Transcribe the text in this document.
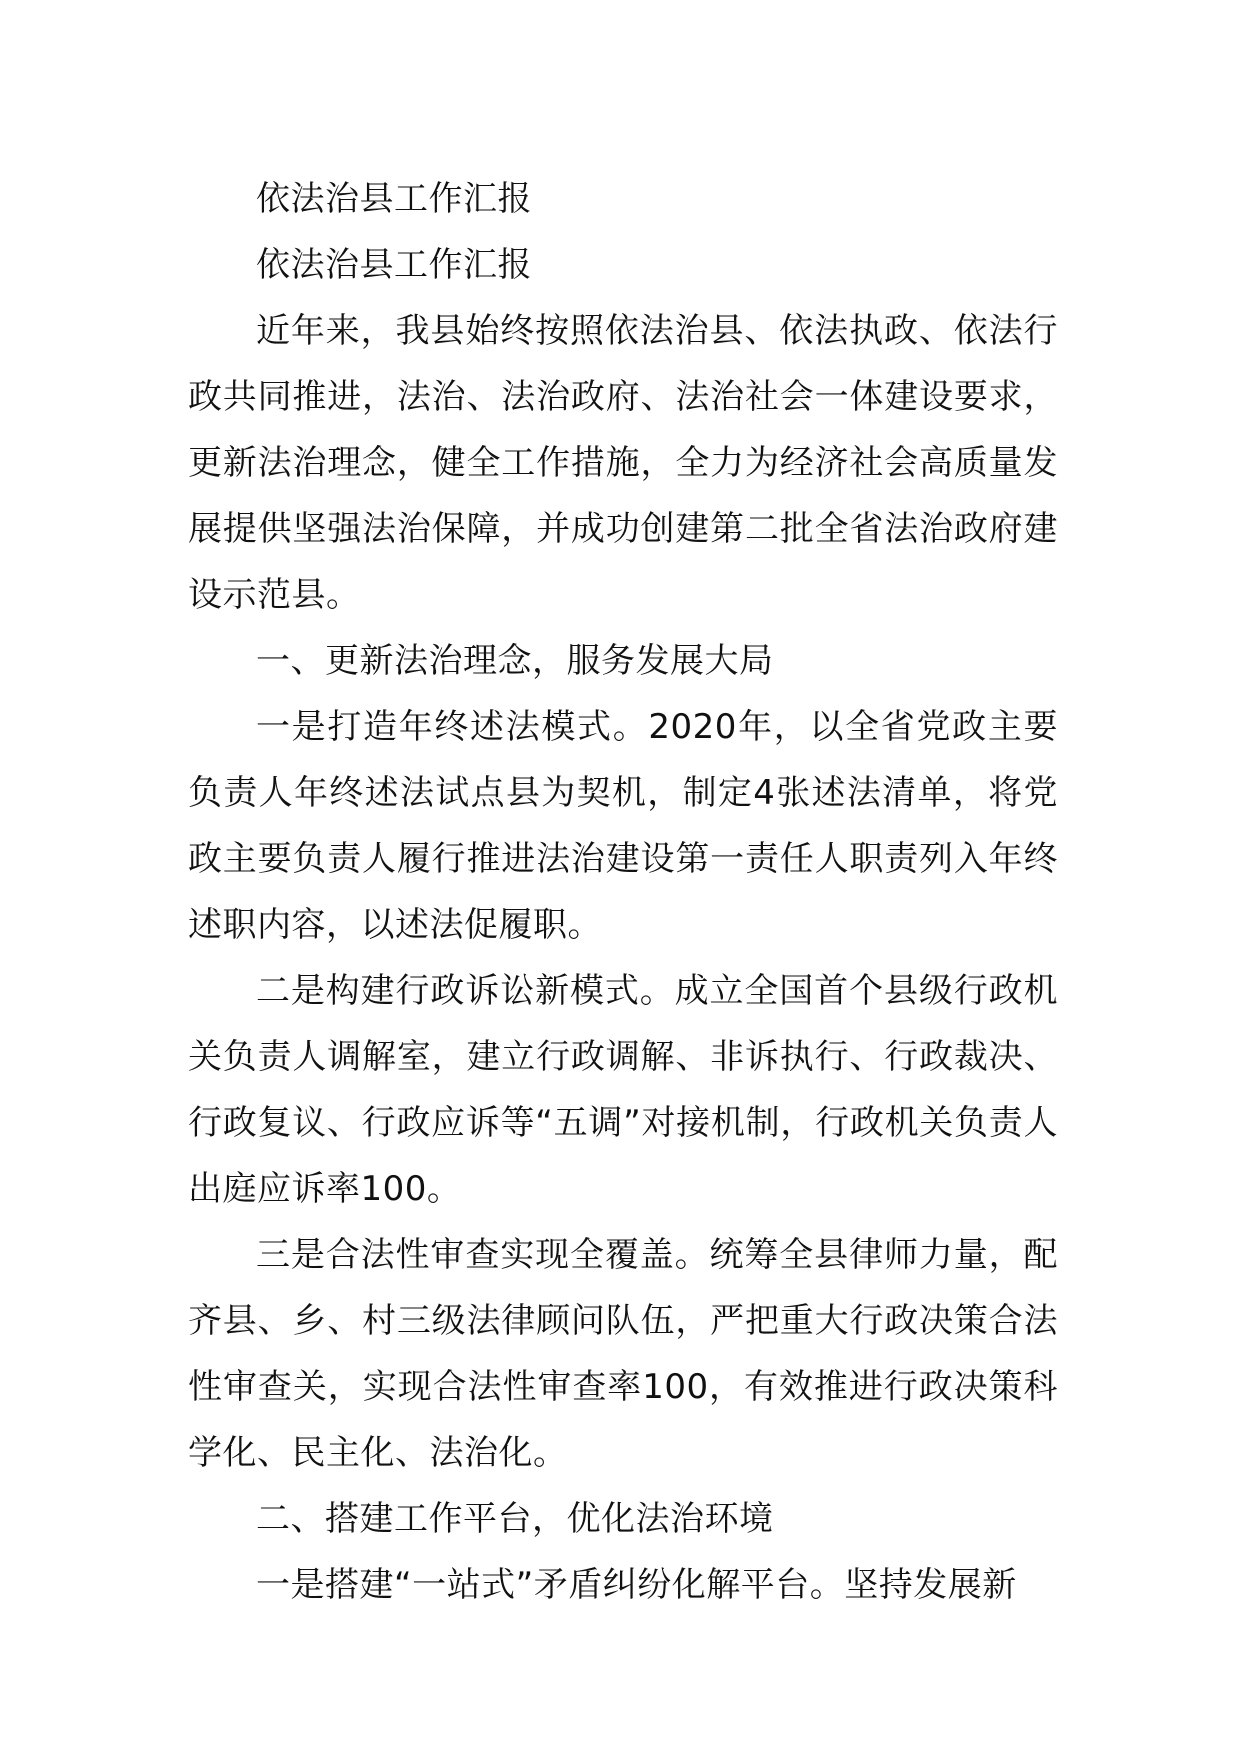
依法治县工作汇报

依法治县工作汇报

近年来，我县始终按照依法治县、依法执政、依法行政共同推进，法治、法治政府、法治社会一体建设要求，更新法治理念，健全工作措施，全力为经济社会高质量发展提供坚强法治保障，并成功创建第二批全省法治政府建设示范县。

一、更新法治理念，服务发展大局

一是打造年终述法模式。2020年，以全省党政主要负责人年终述法试点县为契机，制定4张述法清单，将党政主要负责人履行推进法治建设第一责任人职责列入年终述职内容，以述法促履职。

二是构建行政诉讼新模式。成立全国首个县级行政机关负责人调解室，建立行政调解、非诉执行、行政裁决、行政复议、行政应诉等“五调”对接机制，行政机关负责人出庭应诉率100。

三是合法性审查实现全覆盖。统筹全县律师力量，配齐县、乡、村三级法律顾问队伍，严把重大行政决策合法性审查关，实现合法性审查率100，有效推进行政决策科学化、民主化、法治化。

二、搭建工作平台，优化法治环境

一是搭建“一站式”矛盾纠纷化解平台。坚持发展新
